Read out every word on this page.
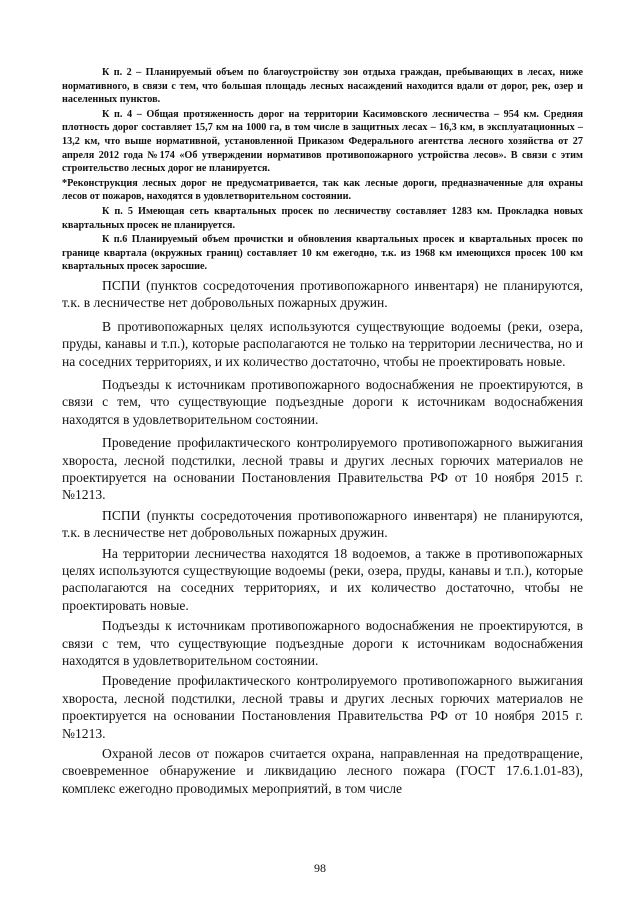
К п. 2 – Планируемый объем по благоустройству зон отдыха граждан, пребывающих в лесах, ниже нормативного, в связи с тем, что большая площадь лесных насаждений находится вдали от дорог, рек, озер и населенных пунктов.

К п. 4 – Общая протяженность дорог на территории Касимовского лесничества – 954 км. Средняя плотность дорог составляет 15,7 км на 1000 га, в том числе в защитных лесах – 16,3 км, в эксплуатационных – 13,2 км, что выше нормативной, установленной Приказом Федерального агентства лесного хозяйства от 27 апреля 2012 года №174 «Об утверждении нормативов противопожарного устройства лесов». В связи с этим строительство лесных дорог не планируется.

*Реконструкция лесных дорог не предусматривается, так как лесные дороги, предназначенные для охраны лесов от пожаров, находятся в удовлетворительном состоянии.

К п. 5 Имеющая сеть квартальных просек по лесничеству составляет 1283 км. Прокладка новых квартальных просек не планируется.

К п.6 Планируемый объем прочистки и обновления квартальных просек и квартальных просек по границе квартала (окружных границ) составляет 10 км ежегодно, т.к. из 1968 км имеющихся просек 100 км квартальных просек заросшие.

ПСПИ (пунктов сосредоточения противопожарного инвентаря) не планируются, т.к. в лесничестве нет добровольных пожарных дружин.

В противопожарных целях используются существующие водоемы (реки, озера, пруды, канавы и т.п.), которые располагаются не только на территории лесничества, но и на соседних территориях, и их количество достаточно, чтобы не проектировать новые.

Подъезды к источникам противопожарного водоснабжения не проектируются, в связи с тем, что существующие подъездные дороги к источникам водоснабжения находятся в удовлетворительном состоянии.

Проведение профилактического контролируемого противопожарного выжигания хвороста, лесной подстилки, лесной травы и других лесных горючих материалов не проектируется на основании Постановления Правительства РФ от 10 ноября 2015 г. №1213.

ПСПИ (пункты сосредоточения противопожарного инвентаря) не планируются, т.к. в лесничестве нет добровольных пожарных дружин.

На территории лесничества находятся 18 водоемов, а также в противопожарных целях используются существующие водоемы (реки, озера, пруды, канавы и т.п.), которые располагаются на соседних территориях, и их количество достаточно, чтобы не проектировать новые.

Подъезды к источникам противопожарного водоснабжения не проектируются, в связи с тем, что существующие подъездные дороги к источникам водоснабжения находятся в удовлетворительном состоянии.

Проведение профилактического контролируемого противопожарного выжигания хвороста, лесной подстилки, лесной травы и других лесных горючих материалов не проектируется на основании Постановления Правительства РФ от 10 ноября 2015 г. №1213.

Охраной лесов от пожаров считается охрана, направленная на предотвращение, своевременное обнаружение и ликвидацию лесного пожара (ГОСТ 17.6.1.01-83), комплекс ежегодно проводимых мероприятий, в том числе

98
